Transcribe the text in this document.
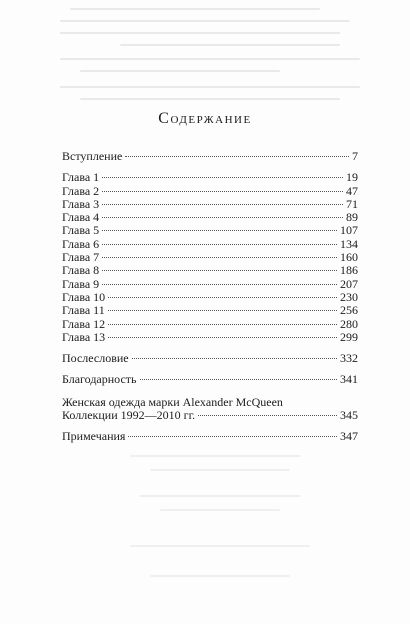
Содержание
Вступление	7
Глава 1	19
Глава 2	47
Глава 3	71
Глава 4	89
Глава 5	107
Глава 6	134
Глава 7	160
Глава 8	186
Глава 9	207
Глава 10	230
Глава 11	256
Глава 12	280
Глава 13	299
Послесловие	332
Благодарность	341
Женская одежда марки Alexander McQueen
Коллекции 1992—2010 гг.	345
Примечания	347
